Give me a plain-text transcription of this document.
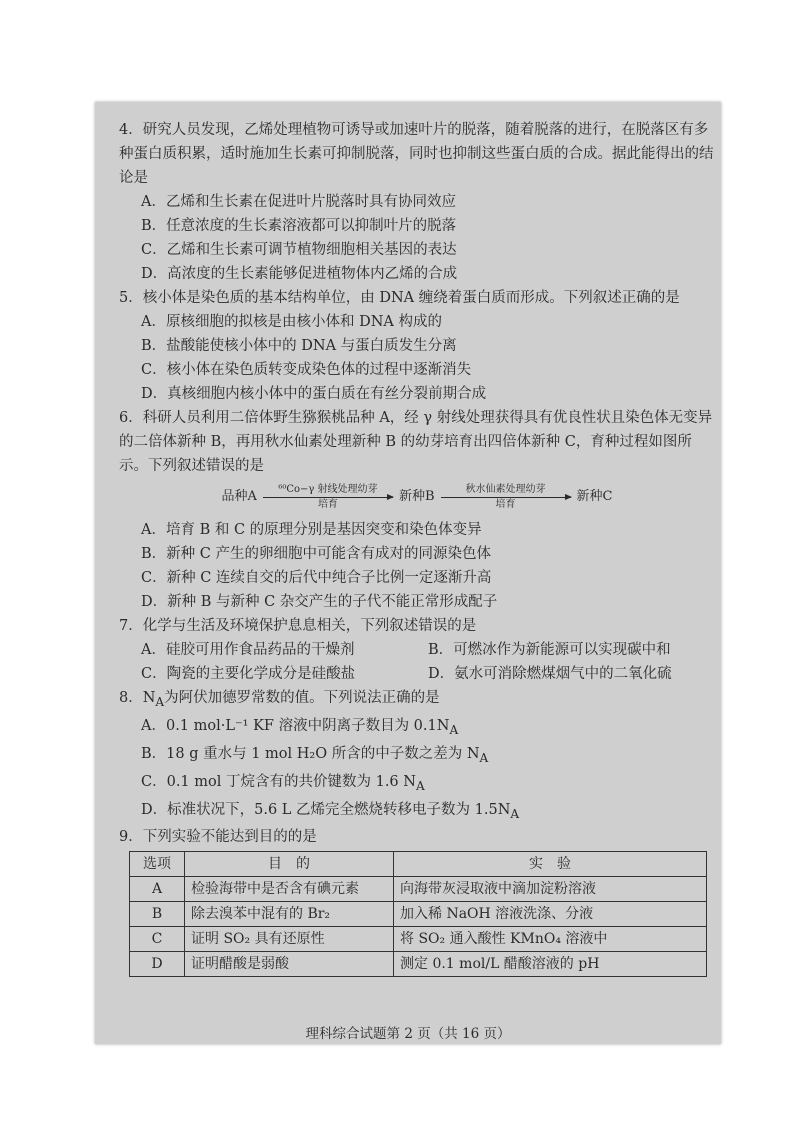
4．研究人员发现，乙烯处理植物可诱导或加速叶片的脱落，随着脱落的进行，在脱落区有多种蛋白质积累，适时施加生长素可抑制脱落，同时也抑制这些蛋白质的合成。据此能得出的结论是

A．乙烯和生长素在促进叶片脱落时具有协同效应

B．任意浓度的生长素溶液都可以抑制叶片的脱落

C．乙烯和生长素可调节植物细胞相关基因的表达

D．高浓度的生长素能够促进植物体内乙烯的合成

5．核小体是染色质的基本结构单位，由 DNA 缠绕着蛋白质而形成。下列叙述正确的是

A．原核细胞的拟核是由核小体和 DNA 构成的

B．盐酸能使核小体中的 DNA 与蛋白质发生分离

C．核小体在染色质转变成染色体的过程中逐渐消失

D．真核细胞内核小体中的蛋白质在有丝分裂前期合成

6．科研人员利用二倍体野生猕猴桃品种 A，经 γ 射线处理获得具有优良性状且染色体无变异的二倍体新种 B，再用秋水仙素处理新种 B 的幼芽培育出四倍体新种 C，育种过程如图所示。下列叙述错误的是

品种A ⁶⁰Co−γ 射线处理幼芽
培育	新种B	秋水仙素处理幼芽
培育	新种C

A．培育 B 和 C 的原理分别是基因突变和染色体变异

B．新种 C 产生的卵细胞中可能含有成对的同源染色体

C．新种 C 连续自交的后代中纯合子比例一定逐渐升高

D．新种 B 与新种 C 杂交产生的子代不能正常形成配子

7．化学与生活及环境保护息息相关，下列叙述错误的是

A．硅胶可用作食品药品的干燥剂	B．可燃冰作为新能源可以实现碳中和
C．陶瓷的主要化学成分是硅酸盐	D．氨水可消除燃煤烟气中的二氧化硫

8．$N_A$为阿伏加德罗常数的值。下列说法正确的是

A．0.1 mol·L⁻¹ KF 溶液中阴离子数目为 $0.1N_A$

B．18 g 重水与 1 mol H₂O 所含的中子数之差为 $N_A$

C．0.1 mol 丁烷含有的共价键数为 1.6 $N_A$

D．标准状况下，5.6 L 乙烯完全燃烧转移电子数为 $1.5N_A$

9．下列实验不能达到目的的是

选项	目　的	实　验
A	检验海带中是否含有碘元素	向海带灰浸取液中滴加淀粉溶液
B	除去溴苯中混有的 Br₂	加入稀 NaOH 溶液洗涤、分液
C	证明 SO₂ 具有还原性	将 SO₂ 通入酸性 KMnO₄ 溶液中
D	证明醋酸是弱酸	测定 0.1 mol/L 醋酸溶液的 pH
理科综合试题第 2 页（共 16 页）
